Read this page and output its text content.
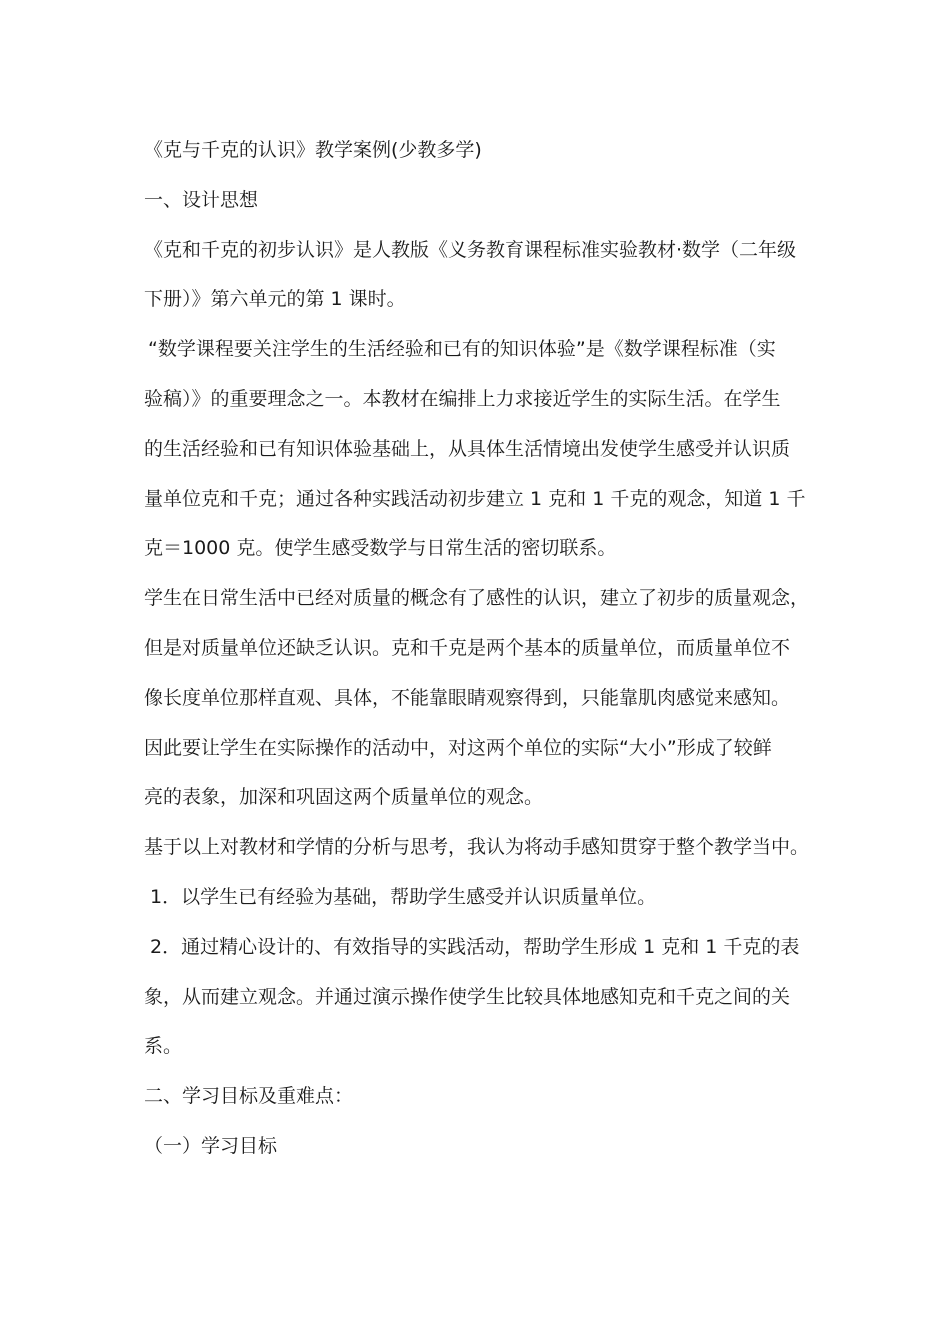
《克与千克的认识》教学案例(少教多学)
一、设计思想
《克和千克的初步认识》是人教版《义务教育课程标准实验教材·数学（二年级
下册）》第六单元的第 1 课时。
“数学课程要关注学生的生活经验和已有的知识体验”是《数学课程标准（实
验稿）》的重要理念之一。本教材在编排上力求接近学生的实际生活。在学生
的生活经验和已有知识体验基础上，从具体生活情境出发使学生感受并认识质
量单位克和千克；通过各种实践活动初步建立 1 克和 1 千克的观念，知道 1 千
克＝1000 克。使学生感受数学与日常生活的密切联系。
学生在日常生活中已经对质量的概念有了感性的认识，建立了初步的质量观念，
但是对质量单位还缺乏认识。克和千克是两个基本的质量单位，而质量单位不
像长度单位那样直观、具体，不能靠眼睛观察得到，只能靠肌肉感觉来感知。
因此要让学生在实际操作的活动中，对这两个单位的实际“大小”形成了较鲜
亮的表象，加深和巩固这两个质量单位的观念。
基于以上对教材和学情的分析与思考，我认为将动手感知贯穿于整个教学当中。
1．以学生已有经验为基础，帮助学生感受并认识质量单位。
2．通过精心设计的、有效指导的实践活动，帮助学生形成 1 克和 1 千克的表
象，从而建立观念。并通过演示操作使学生比较具体地感知克和千克之间的关
系。
二、学习目标及重难点：
（一）学习目标
